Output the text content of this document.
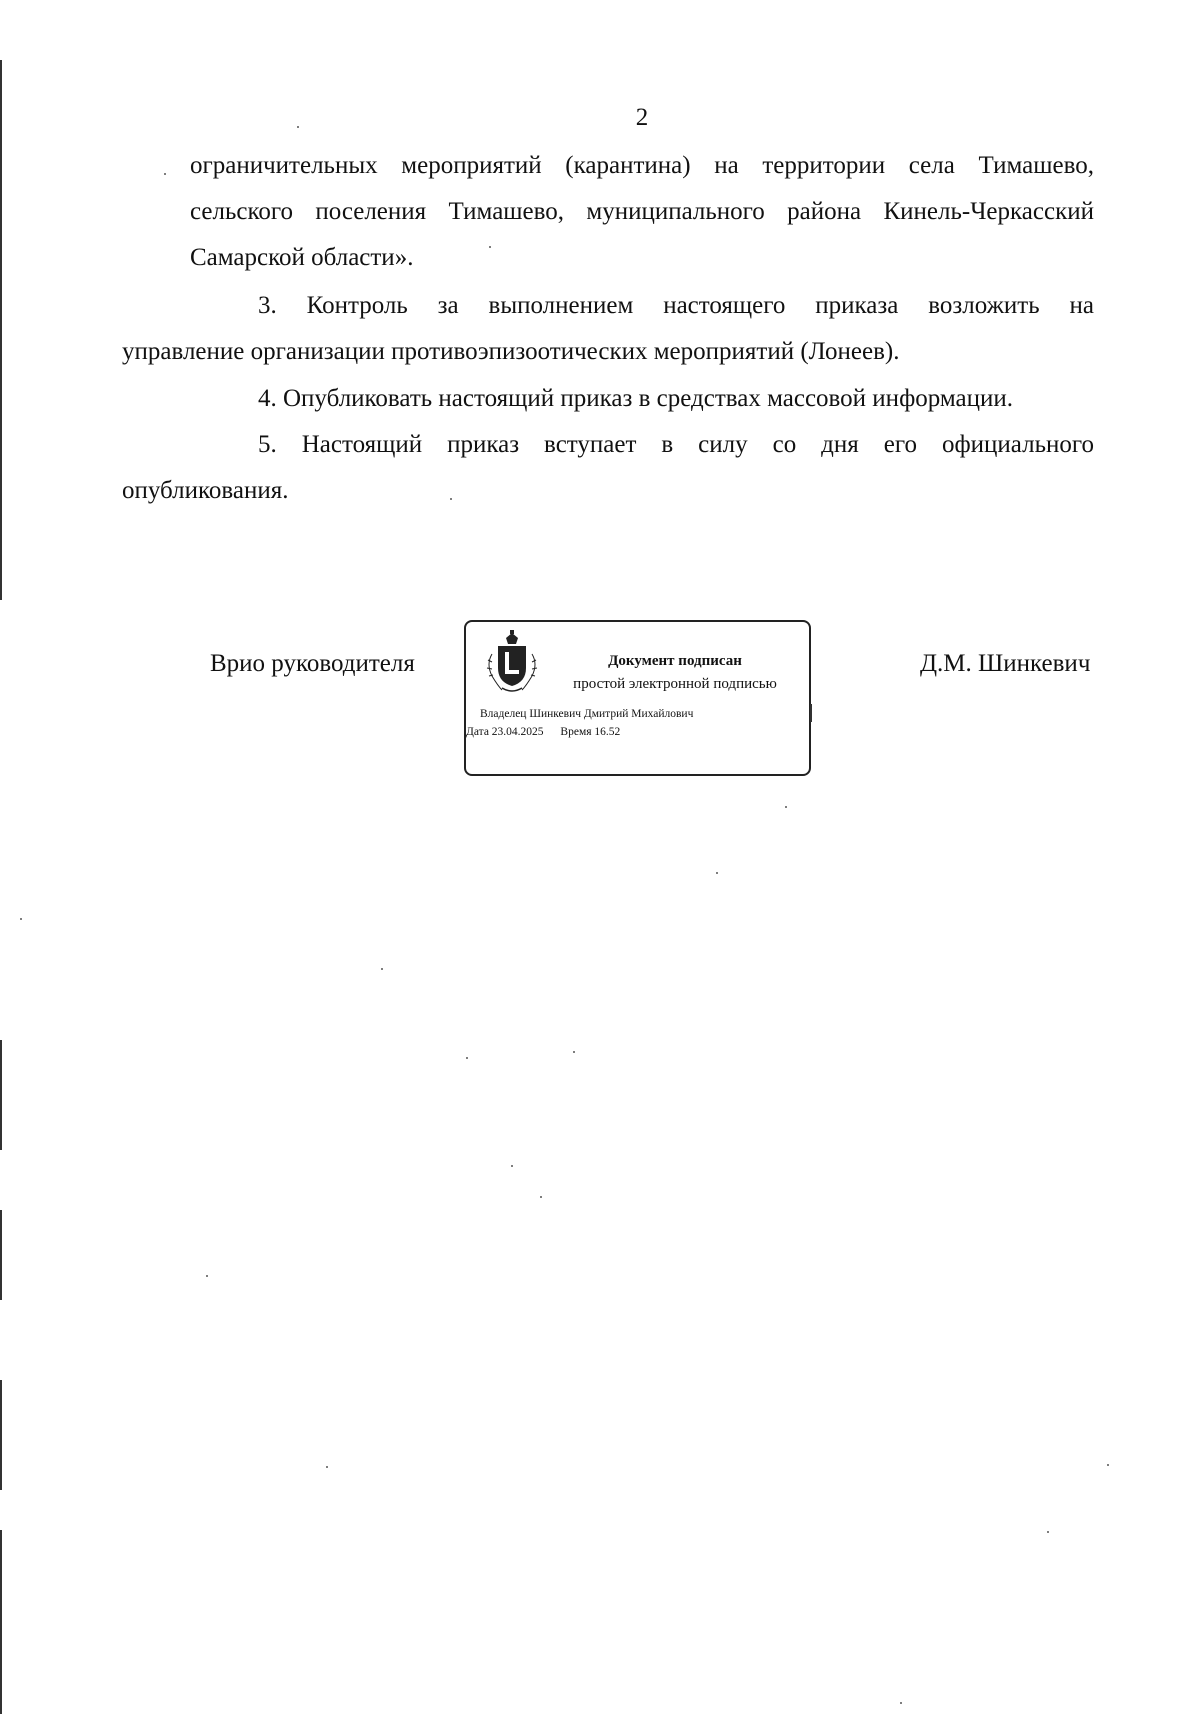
2
ограничительных мероприятий (карантина) на территории села Тимашево,
сельского поселения Тимашево, муниципального района Кинель-Черкасский
Самарской области».
3. Контроль за выполнением настоящего приказа возложить на
управление организации противоэпизоотических мероприятий (Лонеев).
4. Опубликовать настоящий приказ в средствах массовой информации.
5. Настоящий приказ вступает в силу со дня его официального
опубликования.
Врио руководителя	Д.М. Шинкевич
Документ подписан
простой электронной подписью
Владелец Шинкевич Дмитрий Михайлович
Дата 23.04.2025 Время 16.52
